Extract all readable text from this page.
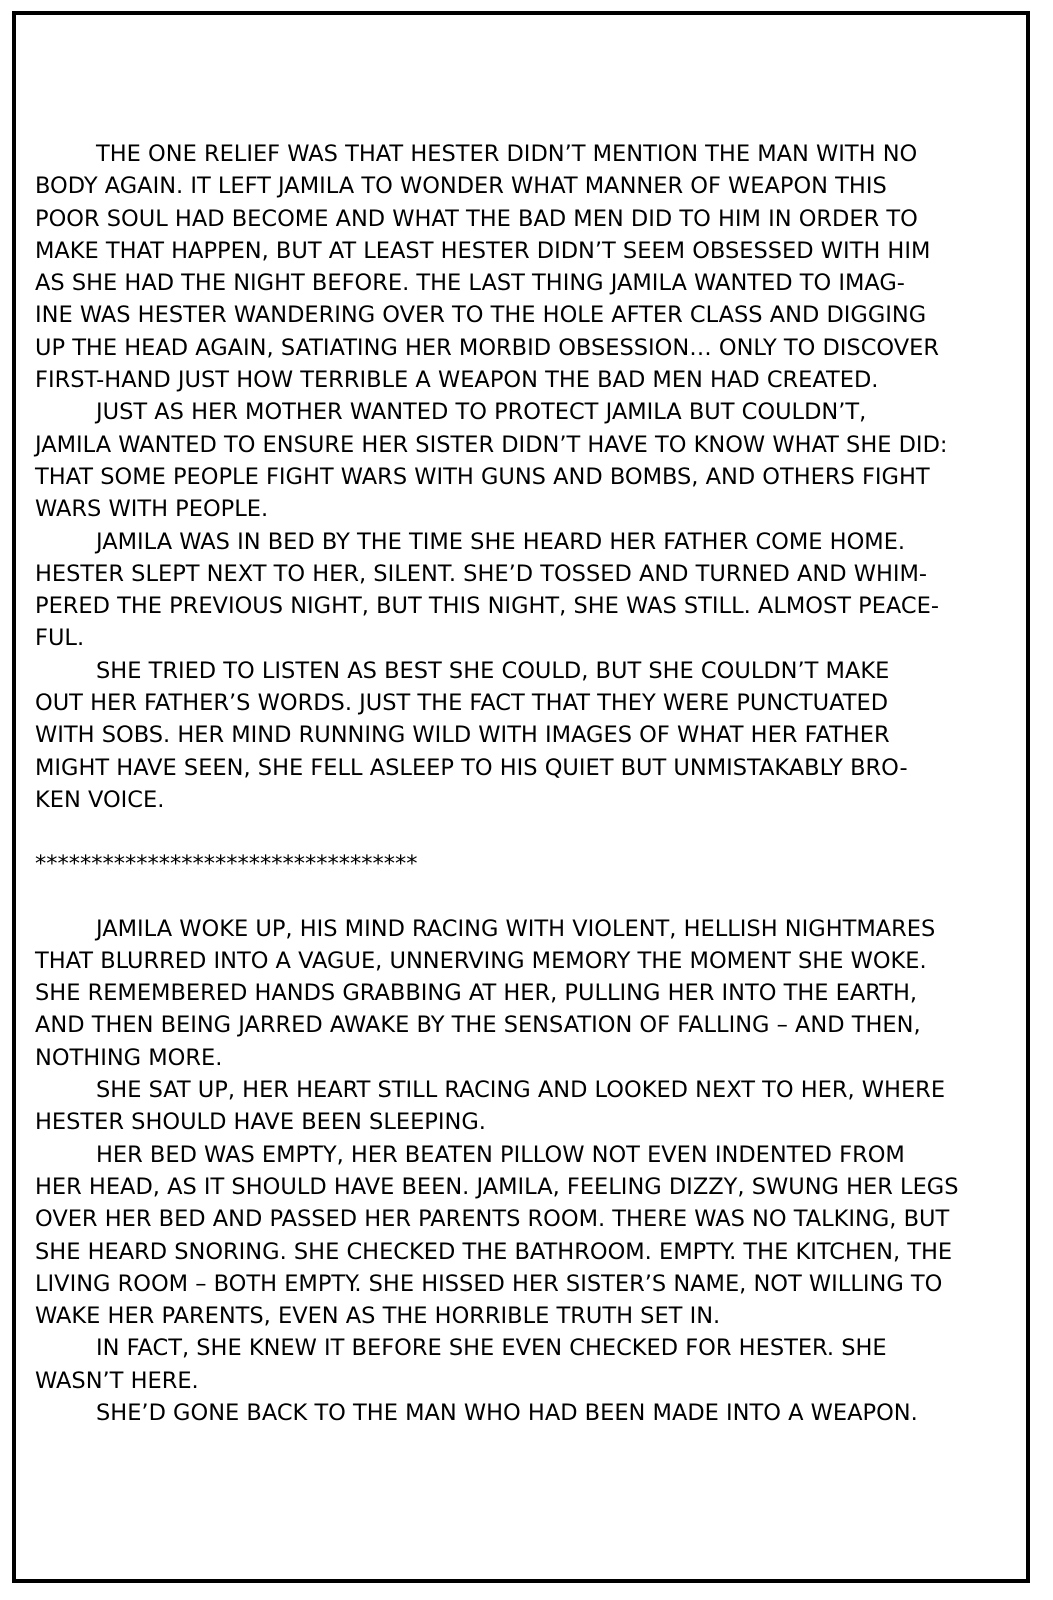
THE ONE RELIEF WAS THAT HESTER DIDN’T MENTION THE MAN WITH NO
BODY AGAIN. IT LEFT JAMILA TO WONDER WHAT MANNER OF WEAPON THIS
POOR SOUL HAD BECOME AND WHAT THE BAD MEN DID TO HIM IN ORDER TO
MAKE THAT HAPPEN, BUT AT LEAST HESTER DIDN’T SEEM OBSESSED WITH HIM
AS SHE HAD THE NIGHT BEFORE. THE LAST THING JAMILA WANTED TO IMAG-
INE WAS HESTER WANDERING OVER TO THE HOLE AFTER CLASS AND DIGGING
UP THE HEAD AGAIN, SATIATING HER MORBID OBSESSION… ONLY TO DISCOVER
FIRST-HAND JUST HOW TERRIBLE A WEAPON THE BAD MEN HAD CREATED.
JUST AS HER MOTHER WANTED TO PROTECT JAMILA BUT COULDN’T,
JAMILA WANTED TO ENSURE HER SISTER DIDN’T HAVE TO KNOW WHAT SHE DID:
THAT SOME PEOPLE FIGHT WARS WITH GUNS AND BOMBS, AND OTHERS FIGHT
WARS WITH PEOPLE.
JAMILA WAS IN BED BY THE TIME SHE HEARD HER FATHER COME HOME.
HESTER SLEPT NEXT TO HER, SILENT. SHE’D TOSSED AND TURNED AND WHIM-
PERED THE PREVIOUS NIGHT, BUT THIS NIGHT, SHE WAS STILL. ALMOST PEACE-
FUL.
SHE TRIED TO LISTEN AS BEST SHE COULD, BUT SHE COULDN’T MAKE
OUT HER FATHER’S WORDS. JUST THE FACT THAT THEY WERE PUNCTUATED
WITH SOBS. HER MIND RUNNING WILD WITH IMAGES OF WHAT HER FATHER
MIGHT HAVE SEEN, SHE FELL ASLEEP TO HIS QUIET BUT UNMISTAKABLY BRO-
KEN VOICE.
**********************************
JAMILA WOKE UP, HIS MIND RACING WITH VIOLENT, HELLISH NIGHTMARES
THAT BLURRED INTO A VAGUE, UNNERVING MEMORY THE MOMENT SHE WOKE.
SHE REMEMBERED HANDS GRABBING AT HER, PULLING HER INTO THE EARTH,
AND THEN BEING JARRED AWAKE BY THE SENSATION OF FALLING – AND THEN,
NOTHING MORE.
SHE SAT UP, HER HEART STILL RACING AND LOOKED NEXT TO HER, WHERE
HESTER SHOULD HAVE BEEN SLEEPING.
HER BED WAS EMPTY, HER BEATEN PILLOW NOT EVEN INDENTED FROM
HER HEAD, AS IT SHOULD HAVE BEEN. JAMILA, FEELING DIZZY, SWUNG HER LEGS
OVER HER BED AND PASSED HER PARENTS ROOM. THERE WAS NO TALKING, BUT
SHE HEARD SNORING. SHE CHECKED THE BATHROOM. EMPTY. THE KITCHEN, THE
LIVING ROOM – BOTH EMPTY. SHE HISSED HER SISTER’S NAME, NOT WILLING TO
WAKE HER PARENTS, EVEN AS THE HORRIBLE TRUTH SET IN.
IN FACT, SHE KNEW IT BEFORE SHE EVEN CHECKED FOR HESTER. SHE
WASN’T HERE.
SHE’D GONE BACK TO THE MAN WHO HAD BEEN MADE INTO A WEAPON.
